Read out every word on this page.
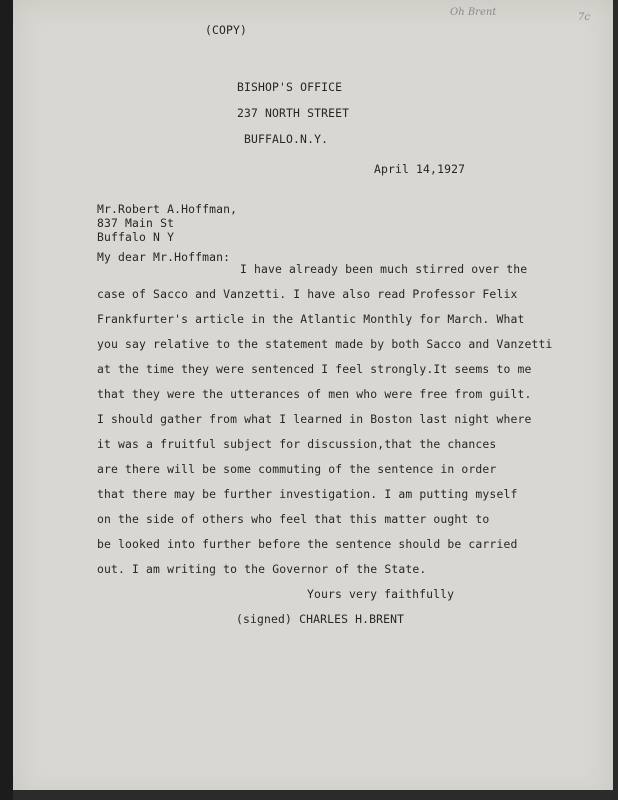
Oh Brent	7c

(COPY)

BISHOP'S OFFICE

237 NORTH STREET

BUFFALO.N.Y.

April 14,1927

Mr.Robert A.Hoffman,

837 Main St

Buffalo N Y

My dear Mr.Hoffman:

I have already been much stirred over the

case of Sacco and Vanzetti. I have also read Professor Felix

Frankfurter's article in the Atlantic Monthly for March. What

you say relative to the statement made by both Sacco and Vanzetti

at the time they were sentenced I feel strongly.It seems to me

that they were the utterances of men who were free from guilt.

I should gather from what I learned in Boston last night where

it was a fruitful subject for discussion,that the chances

are there will be some commuting of the sentence in order

that there may be further investigation. I am putting myself

on the side of others who feel that this matter ought to

be looked into further before the sentence should be carried

out. I am writing to the Governor of the State.

Yours very faithfully

(signed) CHARLES H.BRENT
